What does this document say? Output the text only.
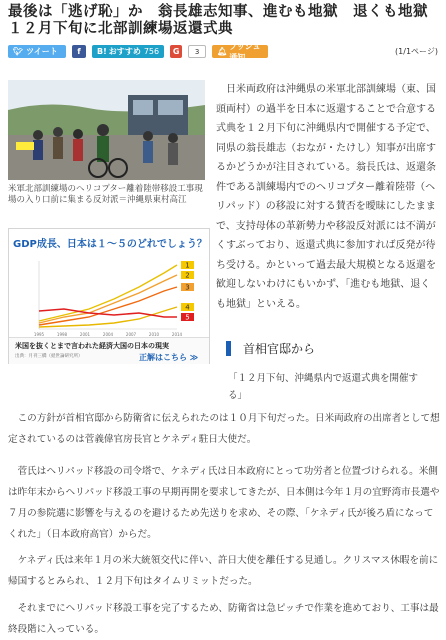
最後は「逃げ恥」か　翁長雄志知事、進むも地獄　退くも地獄　１２月下旬に北部訓練場返還式典
🐦︎ ツイート f B! おすすめ 756 G	3	🔔︎
プッシュ通知
(1/1ページ)
米軍北部訓練場のヘリコプター離着陸帯移設工事現場の入り口前に集まる反対派＝沖縄県東村高江
GDP成長、日本は１～５のどれでしょう？
1
2
3
4
5
1995	1998	2001	2004	2007	2010	2014
米国を抜くとまで言われた経済大国の日本の現実
出典：月刊三橋（経世論研究所）	正解はこちら ≫

日米両政府は沖縄県の米軍北部訓練場（東、国頭両村）の過半を日本に返還することで合意する式典を１２月下旬に沖縄県内で開催する予定で、同県の翁長雄志（おなが・たけし）知事が出席するかどうかが注目されている。翁長氏は、返還条件である訓練場内でのヘリコプター離着陸帯（ヘリパッド）の移設に対する賛否を曖昧にしたままで、支持母体の革新勢力や移設反対派には不満がくすぶっており、返還式典に参加すれば反発が待ち受ける。かといって過去最大規模となる返還を歓迎しないわけにもいかず、「進むも地獄、退くも地獄」といえる。

首相官邸から
「１２月下旬、沖縄県内で返還式典を開催する」
この方針が首相官邸から防衛省に伝えられたのは１０月下旬だった。日米両政府の出席者として想定されているのは菅義偉官房長官とケネディ駐日大使だ。
菅氏はヘリパッド移設の司令塔で、ケネディ氏は日本政府にとって功労者と位置づけられる。米側は昨年末からヘリパッド移設工事の早期再開を要求してきたが、日本側は今年１月の宜野湾市長選や７月の参院選に影響を与えるのを避けるため先送りを求め、その際、「ケネディ氏が後ろ盾になってくれた」（日本政府高官）からだ。
ケネディ氏は来年１月の米大統領交代に伴い、許日大使を離任する見通し。クリスマス休暇を前に帰国するとみられ、１２月下旬はタイムリミットだった。
それまでにヘリパッド移設工事を完了するため、防衛省は急ピッチで作業を進めており、工事は最終段階に入っている。
